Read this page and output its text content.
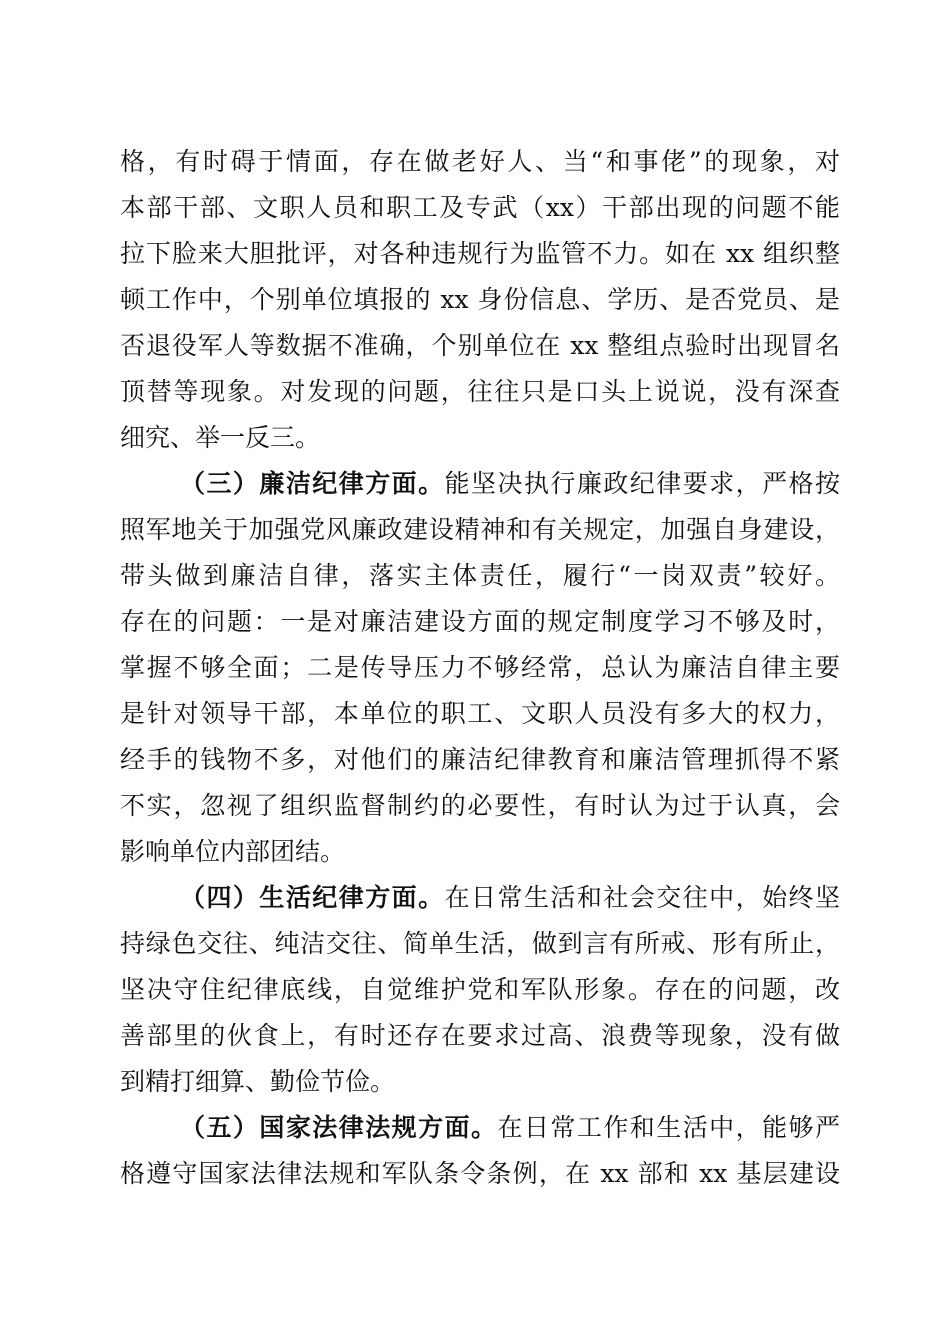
格，有时碍于情面，存在做老好人、当“和事佬”的现象，对
本部干部、文职人员和职工及专武（xx）干部出现的问题不能
拉下脸来大胆批评，对各种违规行为监管不力。如在 xx 组织整
顿工作中，个别单位填报的 xx 身份信息、学历、是否党员、是
否退役军人等数据不准确，个别单位在 xx 整组点验时出现冒名
顶替等现象。对发现的问题，往往只是口头上说说，没有深查
细究、举一反三。
（三）廉洁纪律方面。能坚决执行廉政纪律要求，严格按
照军地关于加强党风廉政建设精神和有关规定，加强自身建设，
带头做到廉洁自律，落实主体责任，履行“一岗双责”较好。
存在的问题：一是对廉洁建设方面的规定制度学习不够及时，
掌握不够全面；二是传导压力不够经常，总认为廉洁自律主要
是针对领导干部，本单位的职工、文职人员没有多大的权力，
经手的钱物不多，对他们的廉洁纪律教育和廉洁管理抓得不紧
不实，忽视了组织监督制约的必要性，有时认为过于认真，会
影响单位内部团结。
（四）生活纪律方面。在日常生活和社会交往中，始终坚
持绿色交往、纯洁交往、简单生活，做到言有所戒、形有所止，
坚决守住纪律底线，自觉维护党和军队形象。存在的问题，改
善部里的伙食上，有时还存在要求过高、浪费等现象，没有做
到精打细算、勤俭节俭。
（五）国家法律法规方面。在日常工作和生活中，能够严
格遵守国家法律法规和军队条令条例，在 xx 部和 xx 基层建设
